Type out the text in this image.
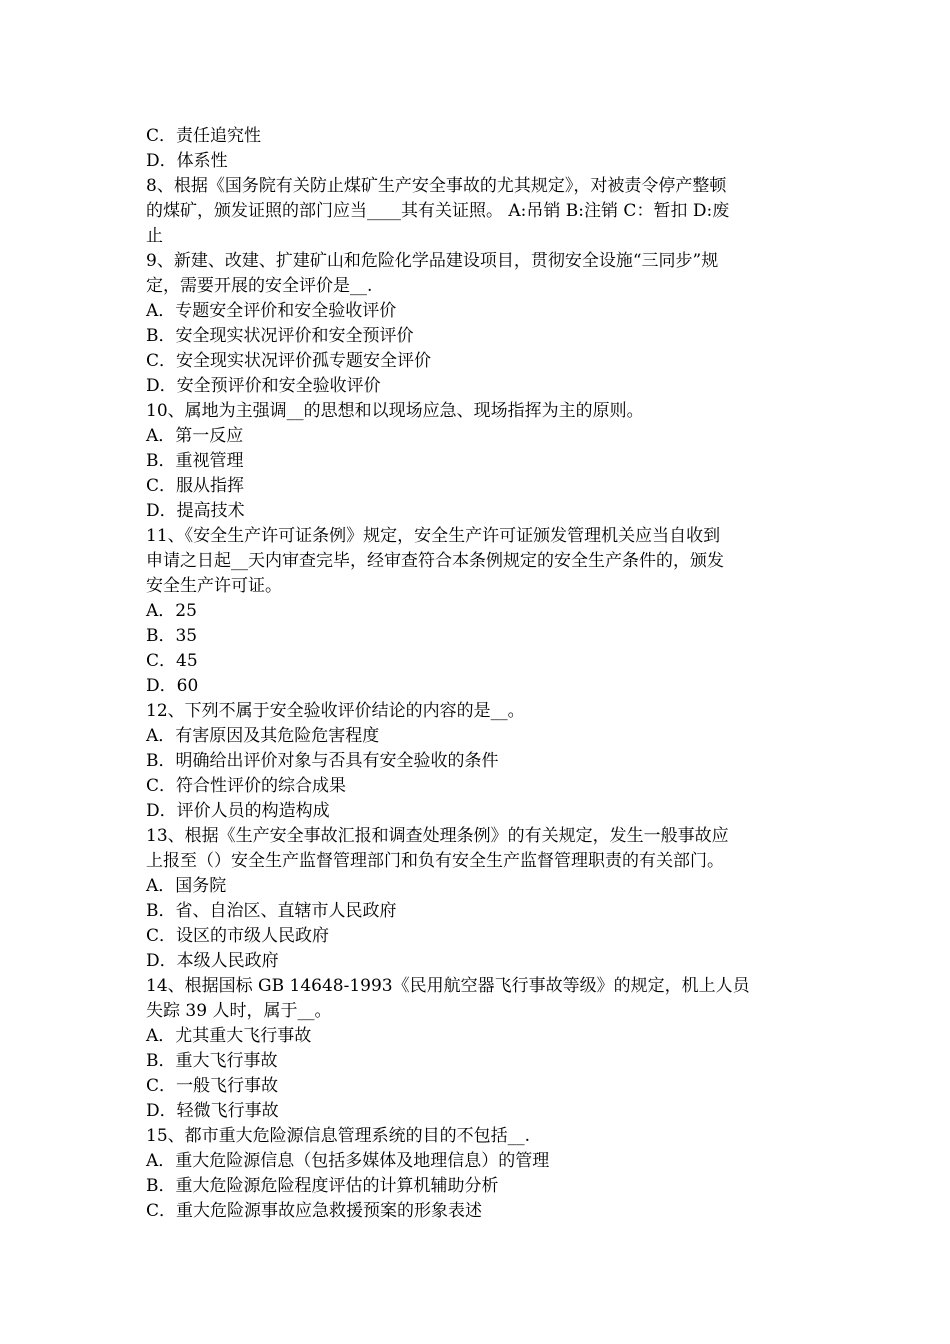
C．责任追究性
D．体系性
8、根据《国务院有关防止煤矿生产安全事故的尤其规定》，对被责令停产整顿
的煤矿，颁发证照的部门应当____其有关证照。 A:吊销 B:注销 C：暂扣 D:废
止
9、新建、改建、扩建矿山和危险化学品建设项目，贯彻安全设施“三同步”规
定，需要开展的安全评价是__.
A．专题安全评价和安全验收评价
B．安全现实状况评价和安全预评价
C．安全现实状况评价孤专题安全评价
D．安全预评价和安全验收评价
10、属地为主强调__的思想和以现场应急、现场指挥为主的原则。
A．第一反应
B．重视管理
C．服从指挥
D．提高技术
11、《安全生产许可证条例》规定，安全生产许可证颁发管理机关应当自收到
申请之日起__天内审查完毕，经审查符合本条例规定的安全生产条件的，颁发
安全生产许可证。
A．25
B．35
C．45
D．60
12、下列不属于安全验收评价结论的内容的是__。
A．有害原因及其危险危害程度
B．明确给出评价对象与否具有安全验收的条件
C．符合性评价的综合成果
D．评价人员的构造构成
13、根据《生产安全事故汇报和调查处理条例》的有关规定，发生一般事故应
上报至（）安全生产监督管理部门和负有安全生产监督管理职责的有关部门。
A．国务院
B．省、自治区、直辖市人民政府
C．设区的市级人民政府
D．本级人民政府
14、根据国标 GB 14648-1993《民用航空器飞行事故等级》的规定，机上人员
失踪 39 人时，属于__。
A．尤其重大飞行事故
B．重大飞行事故
C．一般飞行事故
D．轻微飞行事故
15、都市重大危险源信息管理系统的目的不包括__.
A．重大危险源信息（包括多媒体及地理信息）的管理
B．重大危险源危险程度评估的计算机辅助分析
C．重大危险源事故应急救援预案的形象表述
